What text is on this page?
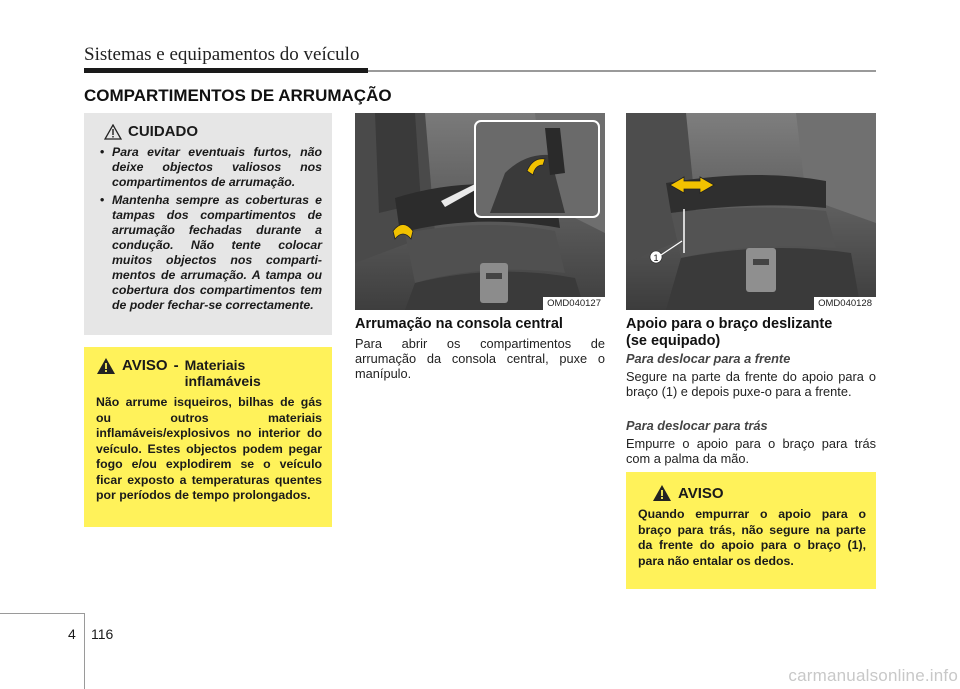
Sistemas e equipamentos do veículo
COMPARTIMENTOS DE ARRUMAÇÃO
CUIDADO
• Para evitar eventuais furtos, não deixe objectos valiosos nos compartimentos de arrumação.
• Mantenha sempre as coberturas e tampas dos compartimentos de arrumação fechadas durante a condução. Não tente colocar muitos objectos nos comparti-mentos de arrumação. A tampa ou cobertura dos compartimentos tem de poder fechar-se correctamente.
AVISO - Materiais inflamáveis
Não arrume isqueiros, bilhas de gás ou outros materiais inflamáveis/explosivos no interior do veículo. Estes objectos podem pegar fogo e/ou explodirem se o veículo ficar exposto a temperaturas quentes por períodos de tempo prolongados.
OMD040127
Arrumação na consola central
Para abrir os compartimentos de arrumação da consola central, puxe o manípulo.
1
OMD040128
Apoio para o braço deslizante
(se equipado)
Para deslocar para a frente
Segure na parte da frente do apoio para o braço (1) e depois puxe-o para a frente.
Para deslocar para trás
Empurre o apoio para o braço para trás com a palma da mão.
AVISO
Quando empurrar o apoio para o braço para trás, não segure na parte da frente do apoio para o braço (1), para não entalar os dedos.
4 116
carmanualsonline.info
